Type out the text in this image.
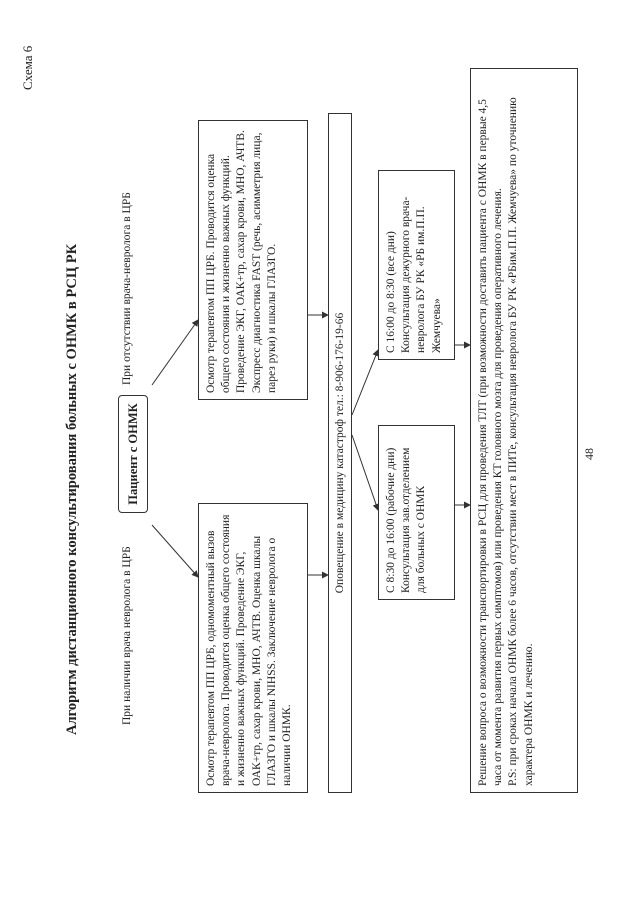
Схема 6
Алгоритм дистанционного консультирования больных с ОНМК в РСЦ РК	Пациент с ОНМК
При наличии врача невролога в ЦРБ
При отсутствии врача-невролога в ЦРБ
Осмотр терапевтом ПП ЦРБ, одномоментный вызов врача-невролога. Проводится оценка общего состояния и жизненно важных функций. Проведение ЭКГ, ОАК+тр, сахар крови, МНО, АЧТВ. Оценка шкалы ГЛАЗГО и шкалы NIHSS. Заключение невролога о наличии ОНМК.
Осмотр терапевтом ПП ЦРБ. Проводится оценка общего состояния и жизненно важных функций. Проведение ЭКГ, ОАК+тр, сахар крови, МНО, АЧТВ. Экспресс диагностика FAST (речь, асимметрия лица, парез руки) и шкалы ГЛАЗГО.	Оповещение в медицину катастроф тел.: 8-906-176-19-66	С 8:30 до 16:00 (рабочие дни) Консультация зав.отделением для больных с ОНМК
С 16:00 до 8:30 (все дни) Консультация дежурного врача-невролога БУ РК «РБ им.П.П. Жемчуева»
Решение вопроса о возможности транспортировки в РСЦ для проведения ТЛТ (при возможности доставить пациента с ОНМК в первые 4,5 часа от момента развития первых симптомов) или проведения КТ головного мозга для проведения оперативного лечения.
P.S: при сроках начала ОНМК более 6 часов, отсутствии мест в ПИТе, консультация невролога БУ РК «РБим.П.П. Жемчуева» по уточнению характера ОНМК и лечению.
48
